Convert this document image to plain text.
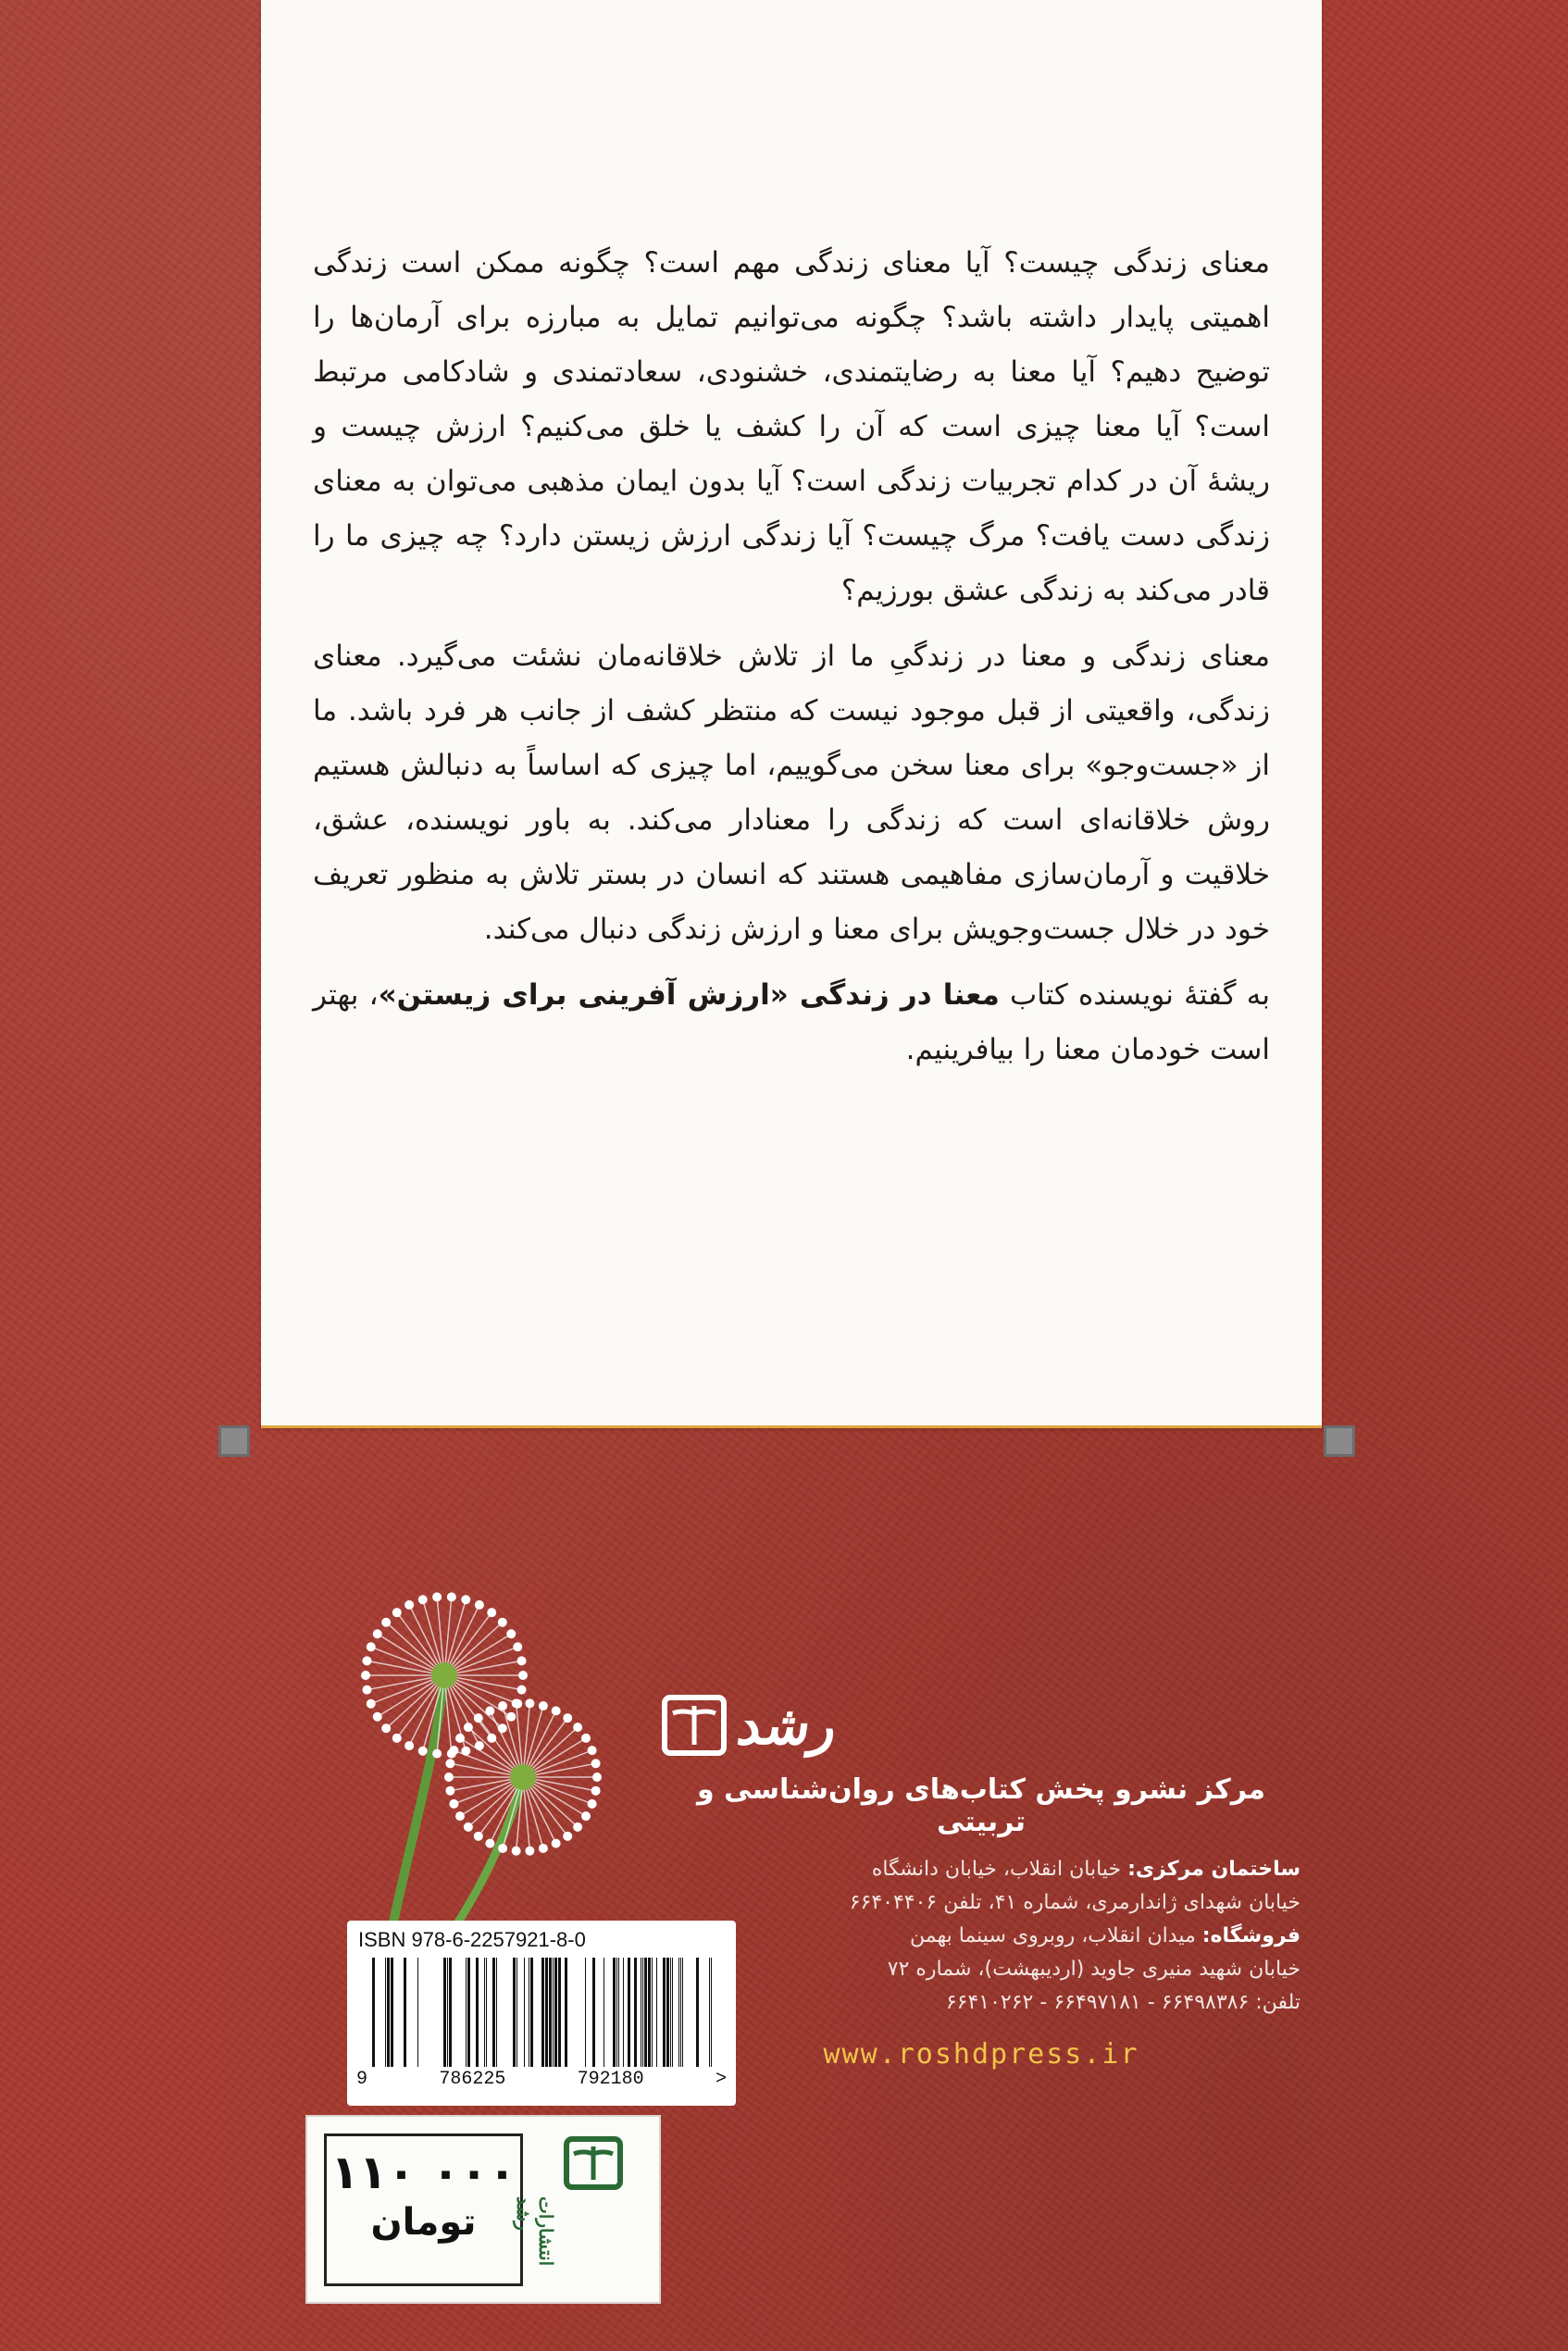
معنای زندگی چیست؟ آیا معنای زندگی مهم است؟ چگونه ممکن است زندگی اهمیتی پایدار داشته باشد؟ چگونه می‌توانیم تمایل به مبارزه برای آرمان‌ها را توضیح دهیم؟ آیا معنا به رضایتمندی، خشنودی، سعادتمندی و شادکامی مرتبط است؟ آیا معنا چیزی است که آن را کشف یا خلق می‌کنیم؟ ارزش چیست و ریشهٔ آن در کدام تجربیات زندگی است؟ آیا بدون ایمان مذهبی می‌توان به معنای زندگی دست یافت؟ مرگ چیست؟ آیا زندگی ارزش زیستن دارد؟ چه چیزی ما را قادر می‌کند به زندگی عشق بورزیم؟

معنای زندگی و معنا در زندگیِ ما از تلاش خلاقانه‌مان نشئت می‌گیرد. معنای زندگی، واقعیتی از قبل موجود نیست که منتظر کشف از جانب هر فرد باشد. ما از «جست‌وجو» برای معنا سخن می‌گوییم، اما چیزی که اساساً به دنبالش هستیم روش خلاقانه‌ای است که زندگی را معنادار می‌کند. به باور نویسنده، عشق، خلاقیت و آرمان‌سازی مفاهیمی هستند که انسان در بستر تلاش به منظور تعریف خود در خلال جست‌وجویش برای معنا و ارزش زندگی دنبال می‌کند.

به گفتهٔ نویسنده کتاب معنا در زندگی «ارزش آفرینی برای زیستن»، بهتر است خودمان معنا را بیافرینیم.

رشد
مرکز نشرو پخش کتاب‌های روان‌شناسی و تربیتی
ساختمان مرکزی: خیابان انقلاب، خیابان دانشگاه
خیابان شهدای ژاندارمری، شماره ۴۱، تلفن ۶۶۴۰۴۴۰۶
فروشگاه: میدان انقلاب، روبروی سینما بهمن
خیابان شهید منیری جاوید (اردیبهشت)، شماره ۷۲
تلفن: ۶۶۴۹۸۳۸۶ - ۶۶۴۹۷۱۸۱ - ۶۶۴۱۰۲۶۲
www.roshdpress.ir
ISBN 978-6-2257921-8-0
9	786225	792180	>
۱۱۰ ۰۰۰
تومان	انتشارات رشد
